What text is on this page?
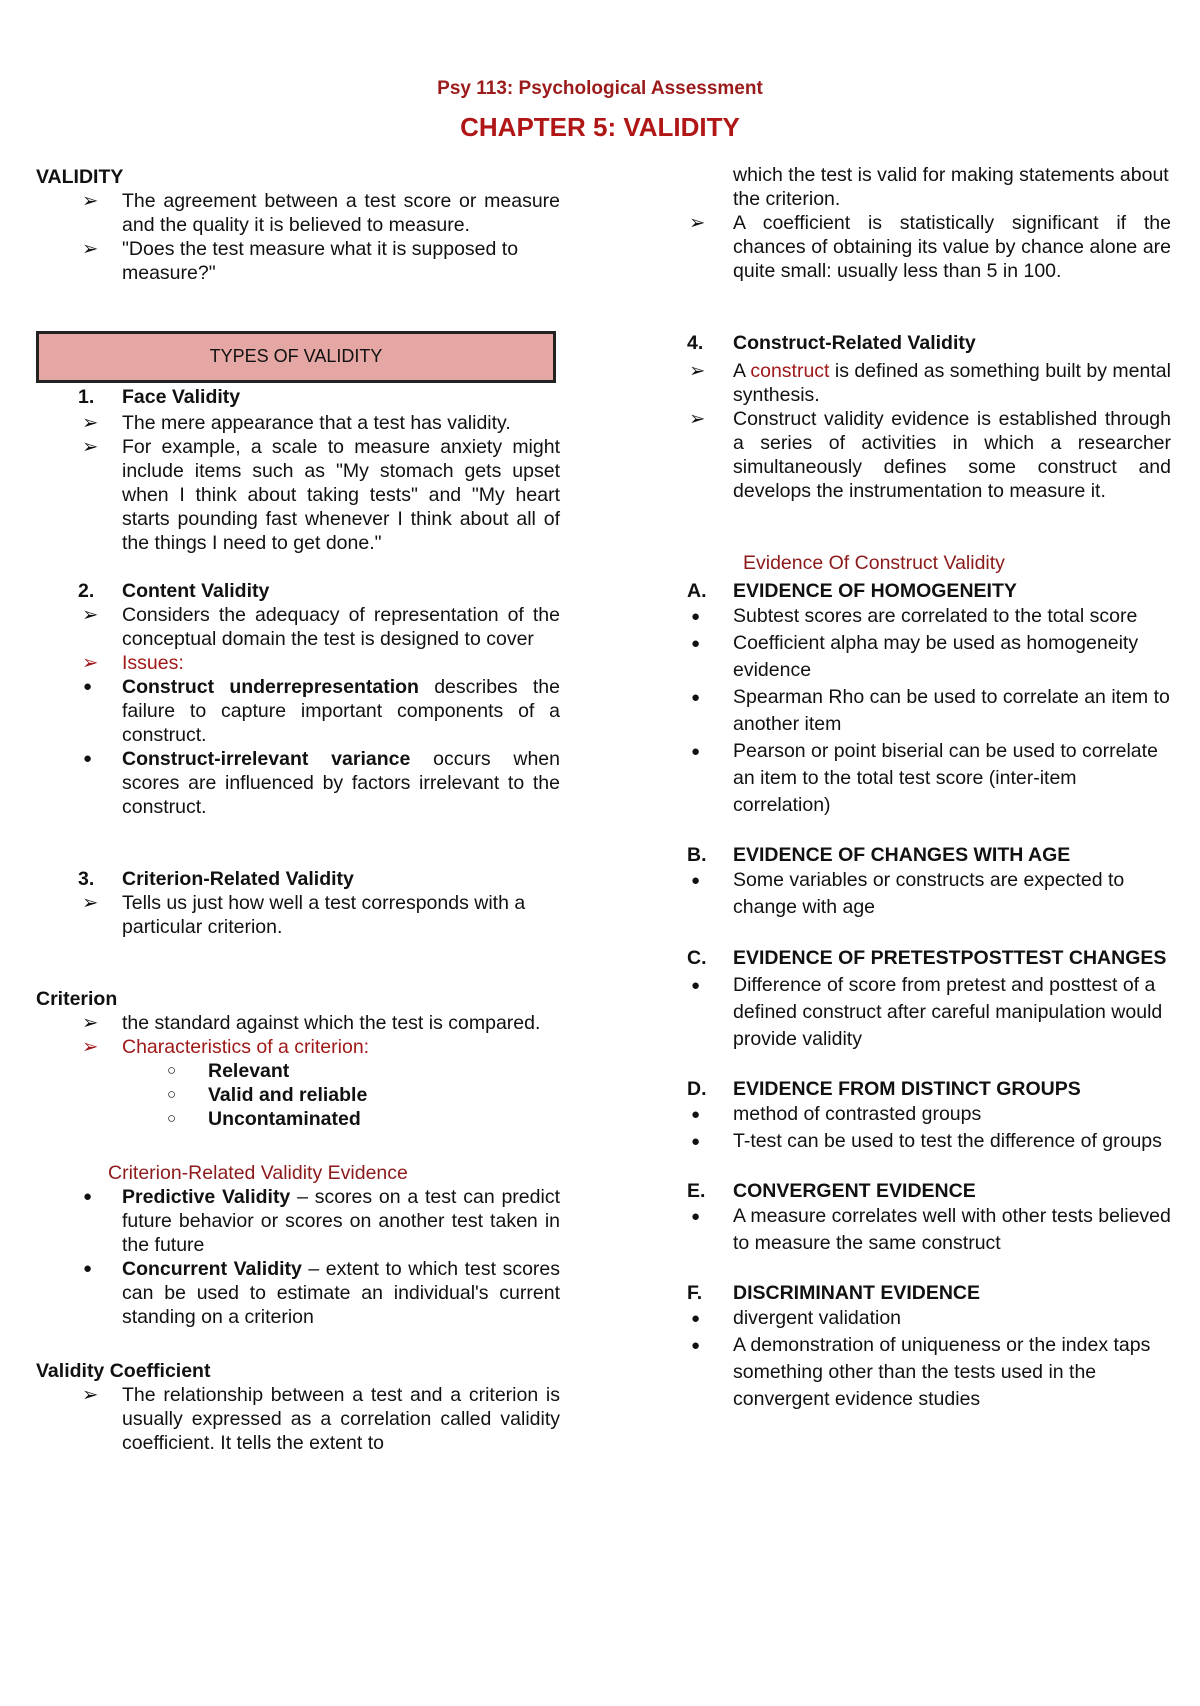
Psy 113: Psychological Assessment
CHAPTER 5: VALIDITY
VALIDITY
➢ The agreement between a test score or measure and the quality it is believed to measure.
➢ "Does the test measure what it is supposed to measure?"
TYPES OF VALIDITY
1. Face Validity
➢ The mere appearance that a test has validity.
➢ For example, a scale to measure anxiety might include items such as "My stomach gets upset when I think about taking tests" and "My heart starts pounding fast whenever I think about all of the things I need to get done."
2. Content Validity
➢ Considers the adequacy of representation of the conceptual domain the test is designed to cover
➢ Issues:
● Construct underrepresentation describes the failure to capture important components of a construct.
● Construct-irrelevant variance occurs when scores are influenced by factors irrelevant to the construct.
3. Criterion-Related Validity
➢ Tells us just how well a test corresponds with a particular criterion.
Criterion
➢ the standard against which the test is compared.
➢ Characteristics of a criterion:
○ Relevant
○ Valid and reliable
○ Uncontaminated
Criterion-Related Validity Evidence
● Predictive Validity – scores on a test can predict future behavior or scores on another test taken in the future
● Concurrent Validity – extent to which test scores can be used to estimate an individual's current standing on a criterion
Validity Coefficient
➢ The relationship between a test and a criterion is usually expressed as a correlation called validity coefficient. It tells the extent to
which the test is valid for making statements about the criterion.
➢ A coefficient is statistically significant if the chances of obtaining its value by chance alone are quite small: usually less than 5 in 100.
4. Construct-Related Validity
➢ A construct is defined as something built by mental synthesis.
➢ Construct validity evidence is established through a series of activities in which a researcher simultaneously defines some construct and develops the instrumentation to measure it.
Evidence Of Construct Validity
A. EVIDENCE OF HOMOGENEITY
● Subtest scores are correlated to the total score
● Coefficient alpha may be used as homogeneity evidence
● Spearman Rho can be used to correlate an item to another item
● Pearson or point biserial can be used to correlate an item to the total test score (inter-item correlation)
B. EVIDENCE OF CHANGES WITH AGE
● Some variables or constructs are expected to change with age
C. EVIDENCE OF PRETESTPOSTTEST CHANGES
● Difference of score from pretest and posttest of a defined construct after careful manipulation would provide validity
D. EVIDENCE FROM DISTINCT GROUPS
● method of contrasted groups
● T-test can be used to test the difference of groups
E. CONVERGENT EVIDENCE
● A measure correlates well with other tests believed to measure the same construct
F. DISCRIMINANT EVIDENCE
● divergent validation
● A demonstration of uniqueness or the index taps something other than the tests used in the convergent evidence studies
